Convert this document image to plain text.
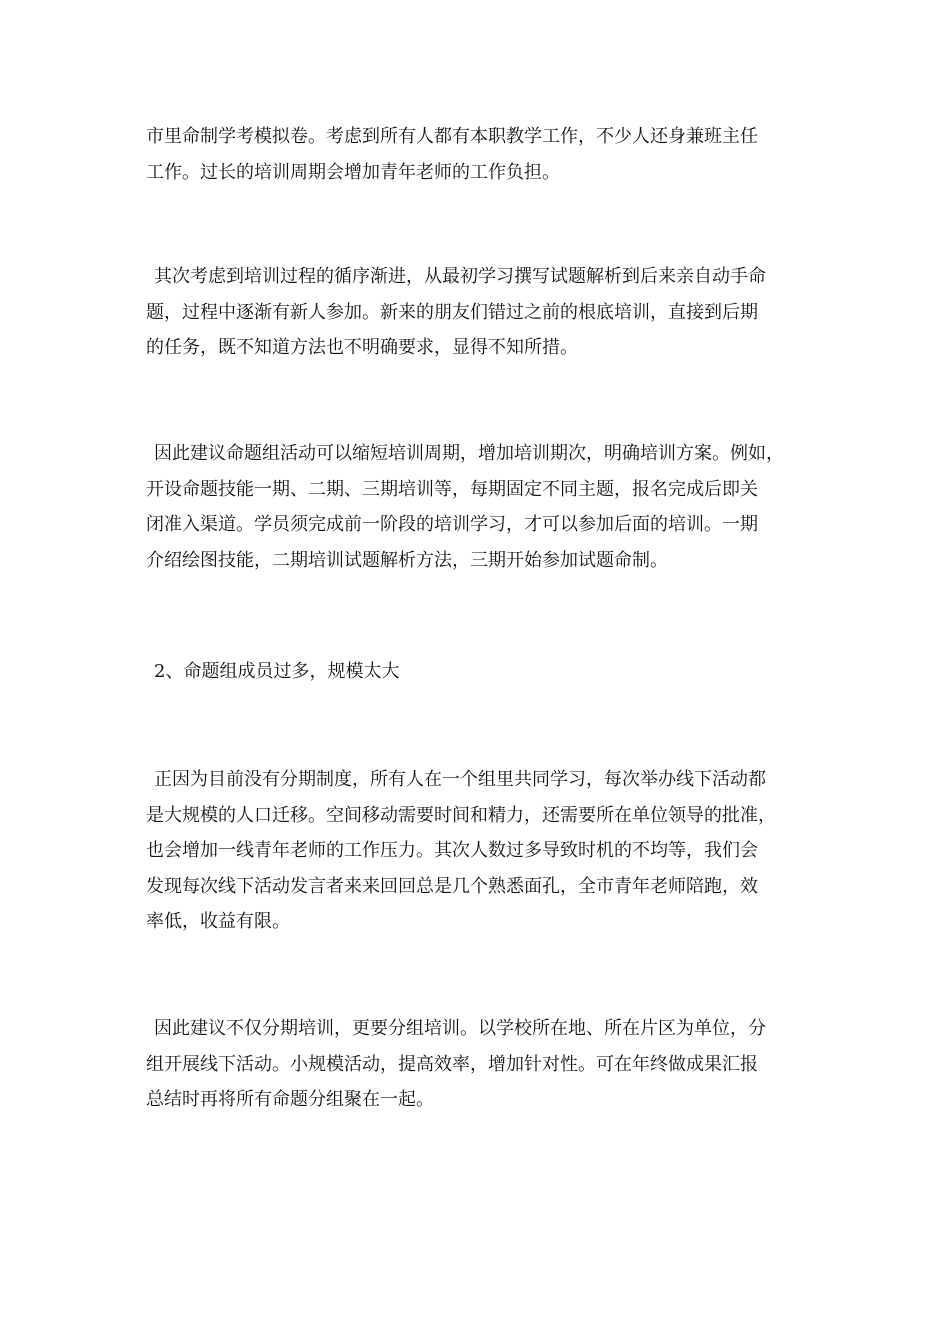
市里命制学考模拟卷。考虑到所有人都有本职教学工作，不少人还身兼班主任
工作。过长的培训周期会增加青年老师的工作负担。
其次考虑到培训过程的循序渐进，从最初学习撰写试题解析到后来亲自动手命
题，过程中逐渐有新人参加。新来的朋友们错过之前的根底培训，直接到后期
的任务，既不知道方法也不明确要求，显得不知所措。
因此建议命题组活动可以缩短培训周期，增加培训期次，明确培训方案。例如，
开设命题技能一期、二期、三期培训等，每期固定不同主题，报名完成后即关
闭准入渠道。学员须完成前一阶段的培训学习，才可以参加后面的培训。一期
介绍绘图技能，二期培训试题解析方法，三期开始参加试题命制。
2、命题组成员过多，规模太大
正因为目前没有分期制度，所有人在一个组里共同学习，每次举办线下活动都
是大规模的人口迁移。空间移动需要时间和精力，还需要所在单位领导的批准，
也会增加一线青年老师的工作压力。其次人数过多导致时机的不均等，我们会
发现每次线下活动发言者来来回回总是几个熟悉面孔，全市青年老师陪跑，效
率低，收益有限。
因此建议不仅分期培训，更要分组培训。以学校所在地、所在片区为单位，分
组开展线下活动。小规模活动，提高效率，增加针对性。可在年终做成果汇报
总结时再将所有命题分组聚在一起。
